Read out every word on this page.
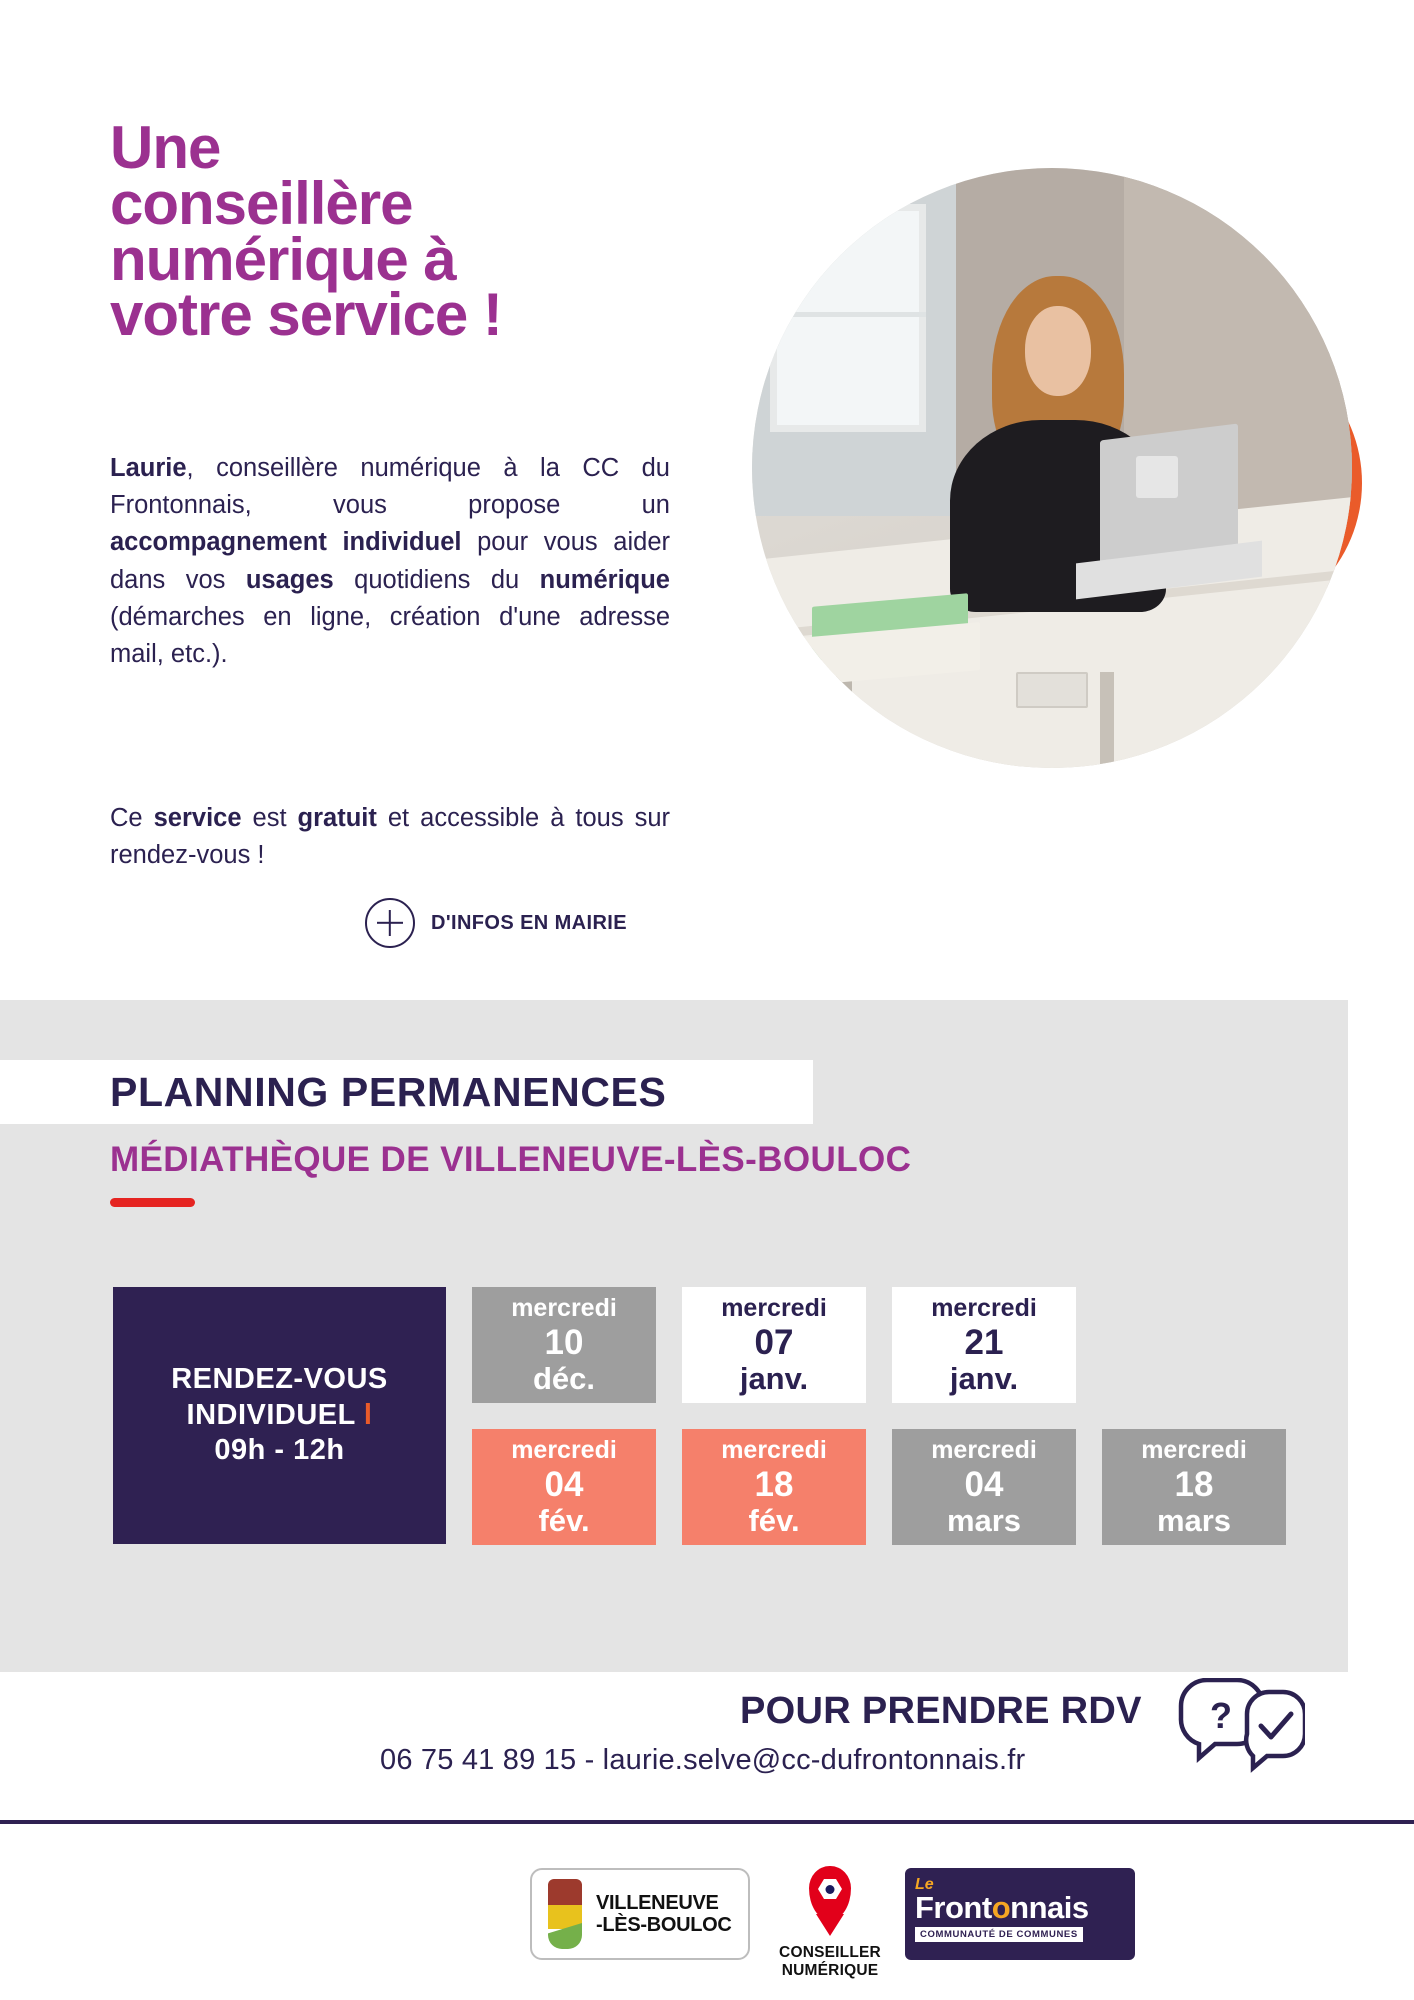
Une
conseillère
numérique à
votre service !
Laurie, conseillère numérique à la CC du Frontonnais, vous propose un accompagnement individuel pour vous aider dans vos usages quotidiens du numérique (démarches en ligne, création d'une adresse mail, etc.).
Ce service est gratuit et accessible à tous sur rendez-vous !
D'INFOS EN MAIRIE
PLANNING PERMANENCES
MÉDIATHÈQUE DE VILLENEUVE-LÈS-BOULOC
RENDEZ-VOUS
INDIVIDUEL l
09h - 12h
mercredi
10
déc.
mercredi
07
janv.
mercredi
21
janv.
mercredi
04
fév.
mercredi
18
fév.
mercredi
04
mars
mercredi
18
mars
POUR PRENDRE RDV
06 75 41 89 15 - laurie.selve@cc-dufrontonnais.fr
?
VILLENEUVE
-LÈS-BOULOC
CONSEILLER
NUMÉRIQUE
Le
Frontonnais
COMMUNAUTÉ DE COMMUNES
